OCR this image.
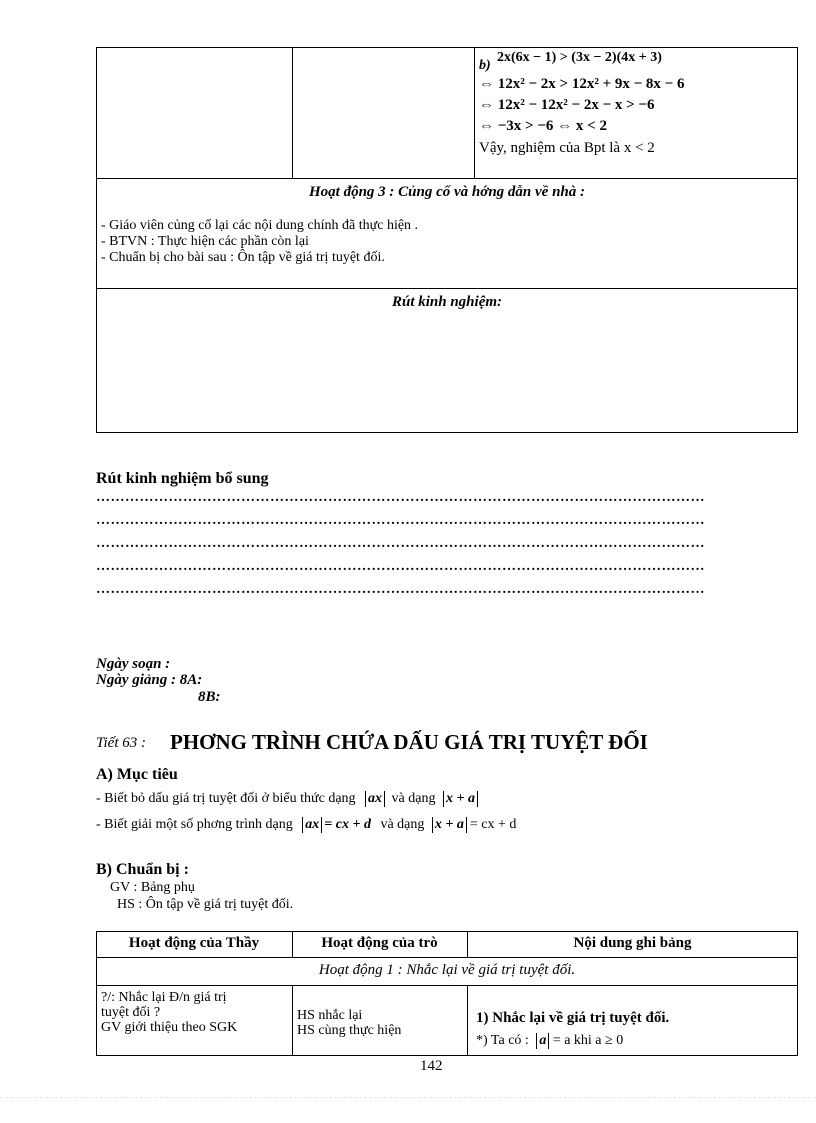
b)
2x(6x − 1) > (3x − 2)(4x + 3)
⇔ 12x² − 2x > 12x² + 9x − 8x − 6
⇔ 12x² − 12x² − 2x − x > −6
⇔ −3x > −6 ⇔ x < 2
Vậy, nghiệm của Bpt là x < 2
Hoạt động 3 : Củng cố và hớng dẫn về nhà :
- Giáo viên củng cố lại các nội dung chính đã thực hiện .
- BTVN : Thực hiện các phần còn lại
- Chuẩn bị cho bài sau : Ôn tập về giá trị tuyệt đối.
Rút kinh nghiệm:
Rút kinh nghiệm bổ sung
………………………………………………………………………………………………………………
………………………………………………………………………………………………………………
………………………………………………………………………………………………………………
………………………………………………………………………………………………………………
………………………………………………………………………………………………………………
Ngày soạn :
Ngày giảng : 8A:
8B:
Tiết 63 : PHƠNG TRÌNH CHỨA DẤU GIÁ TRỊ TUYỆT ĐỐI
A) Mục tiêu
- Biết bỏ dấu giá trị tuyệt đối ở biểu thức dạng ax và dạng x + a
- Biết giải một số phơng trình dạng ax = cx + d và dạng x + a = cx + d
B) Chuẩn bị :
GV : Bảng phụ
HS : Ôn tập về giá trị tuyệt đối.
Hoạt động của Thầy	Hoạt động của trò	Nội dung ghi bảng
Hoạt động 1 : Nhắc lại về giá trị tuyệt đối.
?/: Nhắc lại Đ/n giá trị
tuyệt đối ?
GV giới thiệu theo SGK
HS nhắc lại
HS cùng thực hiện
1) Nhắc lại về giá trị tuyệt đối.
*) Ta có : a = a khi a ≥ 0
142
